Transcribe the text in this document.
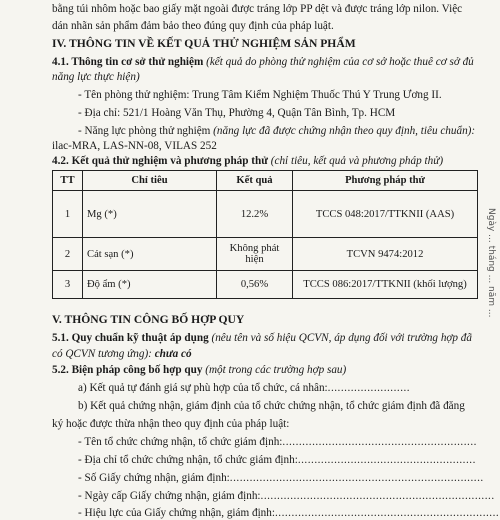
bằng túi nhôm hoặc bao giấy mặt ngoài được tráng lớp PP dệt và được tráng lớp nilon. Việc
dán nhãn sản phẩm đảm bảo theo đúng quy định của pháp luật.
IV. THÔNG TIN VỀ KẾT QUẢ THỬ NGHIỆM SẢN PHẨM
4.1. Thông tin cơ sở thử nghiệm (kết quả do phòng thử nghiệm của cơ sở hoặc thuê cơ sở đủ
năng lực thực hiện)
- Tên phòng thử nghiệm: Trung Tâm Kiểm Nghiệm Thuốc Thú Y Trung Ương II.
- Địa chỉ: 521/1 Hoàng Văn Thụ, Phường 4, Quận Tân Bình, Tp. HCM
- Năng lực phòng thử nghiệm (năng lực đã được chứng nhận theo quy định, tiêu chuẩn):
ilac-MRA, LAS-NN-08, VILAS 252
4.2. Kết quả thử nghiệm và phương pháp thử (chỉ tiêu, kết quả và phương pháp thử)
TT	Chỉ tiêu	Kết quả	Phương pháp thử
1	Mg (*)	12.2%	TCCS 048:2017/TTKNII (AAS)
2	Cát sạn (*)	Không phát hiện	TCVN 9474:2012
3	Độ ẩm (*)	0,56%	TCCS 086:2017/TTKNII (khối lượng)
V. THÔNG TIN CÔNG BỐ HỢP QUY
5.1. Quy chuẩn kỹ thuật áp dụng (nêu tên và số hiệu QCVN, áp dụng đối với trường hợp đã
có QCVN tương ứng): chưa có
5.2. Biện pháp công bố hợp quy (một trong các trường hợp sau)
a) Kết quả tự đánh giá sự phù hợp của tổ chức, cá nhân:.........................
b) Kết quả chứng nhận, giám định của tổ chức chứng nhận, tổ chức giám định đã đăng
ký hoặc được thừa nhận theo quy định của pháp luật:
- Tên tổ chức chứng nhận, tổ chức giám định:...........................................................
- Địa chỉ tổ chức chứng nhận, tổ chức giám định:......................................................
- Số Giấy chứng nhận, giám định:.............................................................................
- Ngày cấp Giấy chứng nhận, giám định:.......................................................................
- Hiệu lực của Giấy chứng nhận, giám định:....................................................................
Ngày ... tháng ... năm ...
